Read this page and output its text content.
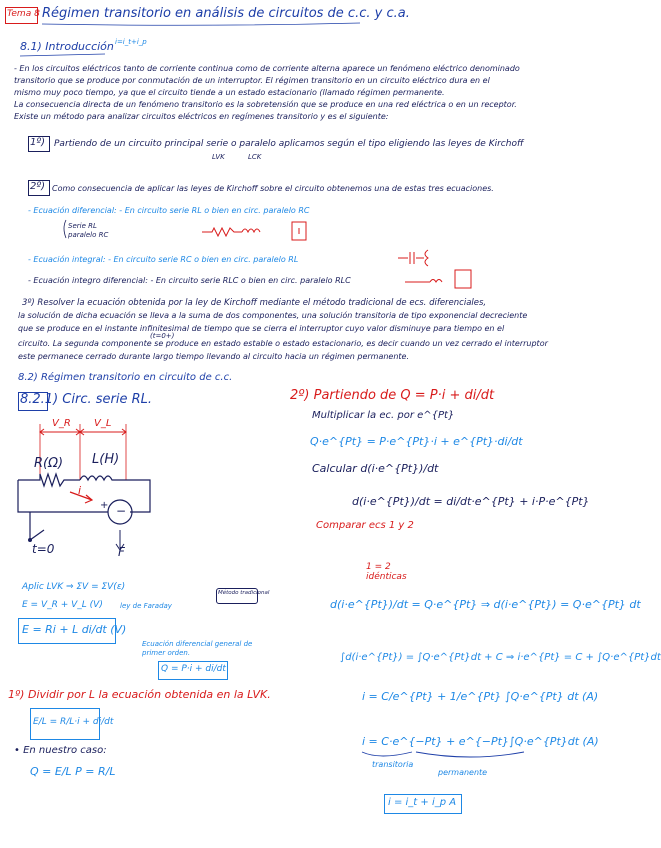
Tema 8 Régimen transitorio en análisis de circuitos de c.c. y c.a.
8.1) Introducción i=i_t+i_p
- En los circuitos eléctricos tanto de corriente continua como de corriente alterna aparece un fenómeno eléctrico denominado
transitorio que se produce por conmutación de un interruptor. El régimen transitorio en un circuito eléctrico dura en el
mismo muy poco tiempo, ya que el circuito tiende a un estado estacionario (llamado régimen permanente.
La consecuencia directa de un fenómeno transitorio es la sobretensión que se produce en una red eléctrica o en un receptor.
Existe un método para analizar circuitos eléctricos en regímenes transitorio y es el siguiente:
1º) Partiendo de un circuito principal serie o paralelo aplicamos según el tipo eligiendo las leyes de Kirchoff
LVK	LCK
2º) Como consecuencia de aplicar las leyes de Kirchoff sobre el circuito obtenemos una de estas tres ecuaciones.
- Ecuación diferencial: - En circuito serie RL o bien en circ. paralelo RC
Serie RL
paralelo RC
- Ecuación integral: - En circuito serie RC o bien en circ. paralelo RL
- Ecuación integro diferencial: - En circuito serie RLC o bien en circ. paralelo RLC
3º) Resolver la ecuación obtenida por la ley de Kirchoff mediante el método tradicional de ecs. diferenciales,
la solución de dicha ecuación se lleva a la suma de dos componentes, una solución transitoria de tipo exponencial decreciente
que se produce en el instante infinitesimal de tiempo que se cierra el interruptor cuyo valor disminuye para tiempo en el
(t=0+)
circuito. La segunda componente se produce en estado estable o estado estacionario, es decir cuando un vez cerrado el interruptor
este permanece cerrado durante largo tiempo llevando al circuito hacia un régimen permanente.
8.2) Régimen transitorio en circuito de c.c.
8.2.1) Circ. serie RL.
V_R V_L
R(Ω) L(H)
i
+ −
t=0	F
Aplic LVK ⇒ ΣV = ΣV(ε)
E = V_R + V_L (V) ley de Faraday
E = Ri + L di/dt (V)
Ecuación diferencial general de primer orden.
Q = P·i + di/dt
Método tradicional
1º) Dividir por L la ecuación obtenida en la LVK.
E/L = R/L·i + di/dt
• En nuestro caso:
Q = E/L P = R/L
2º) Partiendo de Q = P·i + di/dt
Multiplicar la ec. por e^{Pt}
Q·e^{Pt} = P·e^{Pt}·i + e^{Pt}·di/dt
Calcular d(i·e^{Pt})/dt
d(i·e^{Pt})/dt = di/dt·e^{Pt} + i·P·e^{Pt}
Comparar ecs 1 y 2
1 = 2 idénticas
d(i·e^{Pt})/dt = Q·e^{Pt} ⇒ d(i·e^{Pt}) = Q·e^{Pt} dt
∫d(i·e^{Pt}) = ∫Q·e^{Pt}dt + C ⇒ i·e^{Pt} = C + ∫Q·e^{Pt}dt
i = C/e^{Pt} + 1/e^{Pt} ∫Q·e^{Pt} dt (A)
i = C·e^{−Pt} + e^{−Pt}∫Q·e^{Pt}dt (A)
transitoria
permanente
i = i_t + i_p A
